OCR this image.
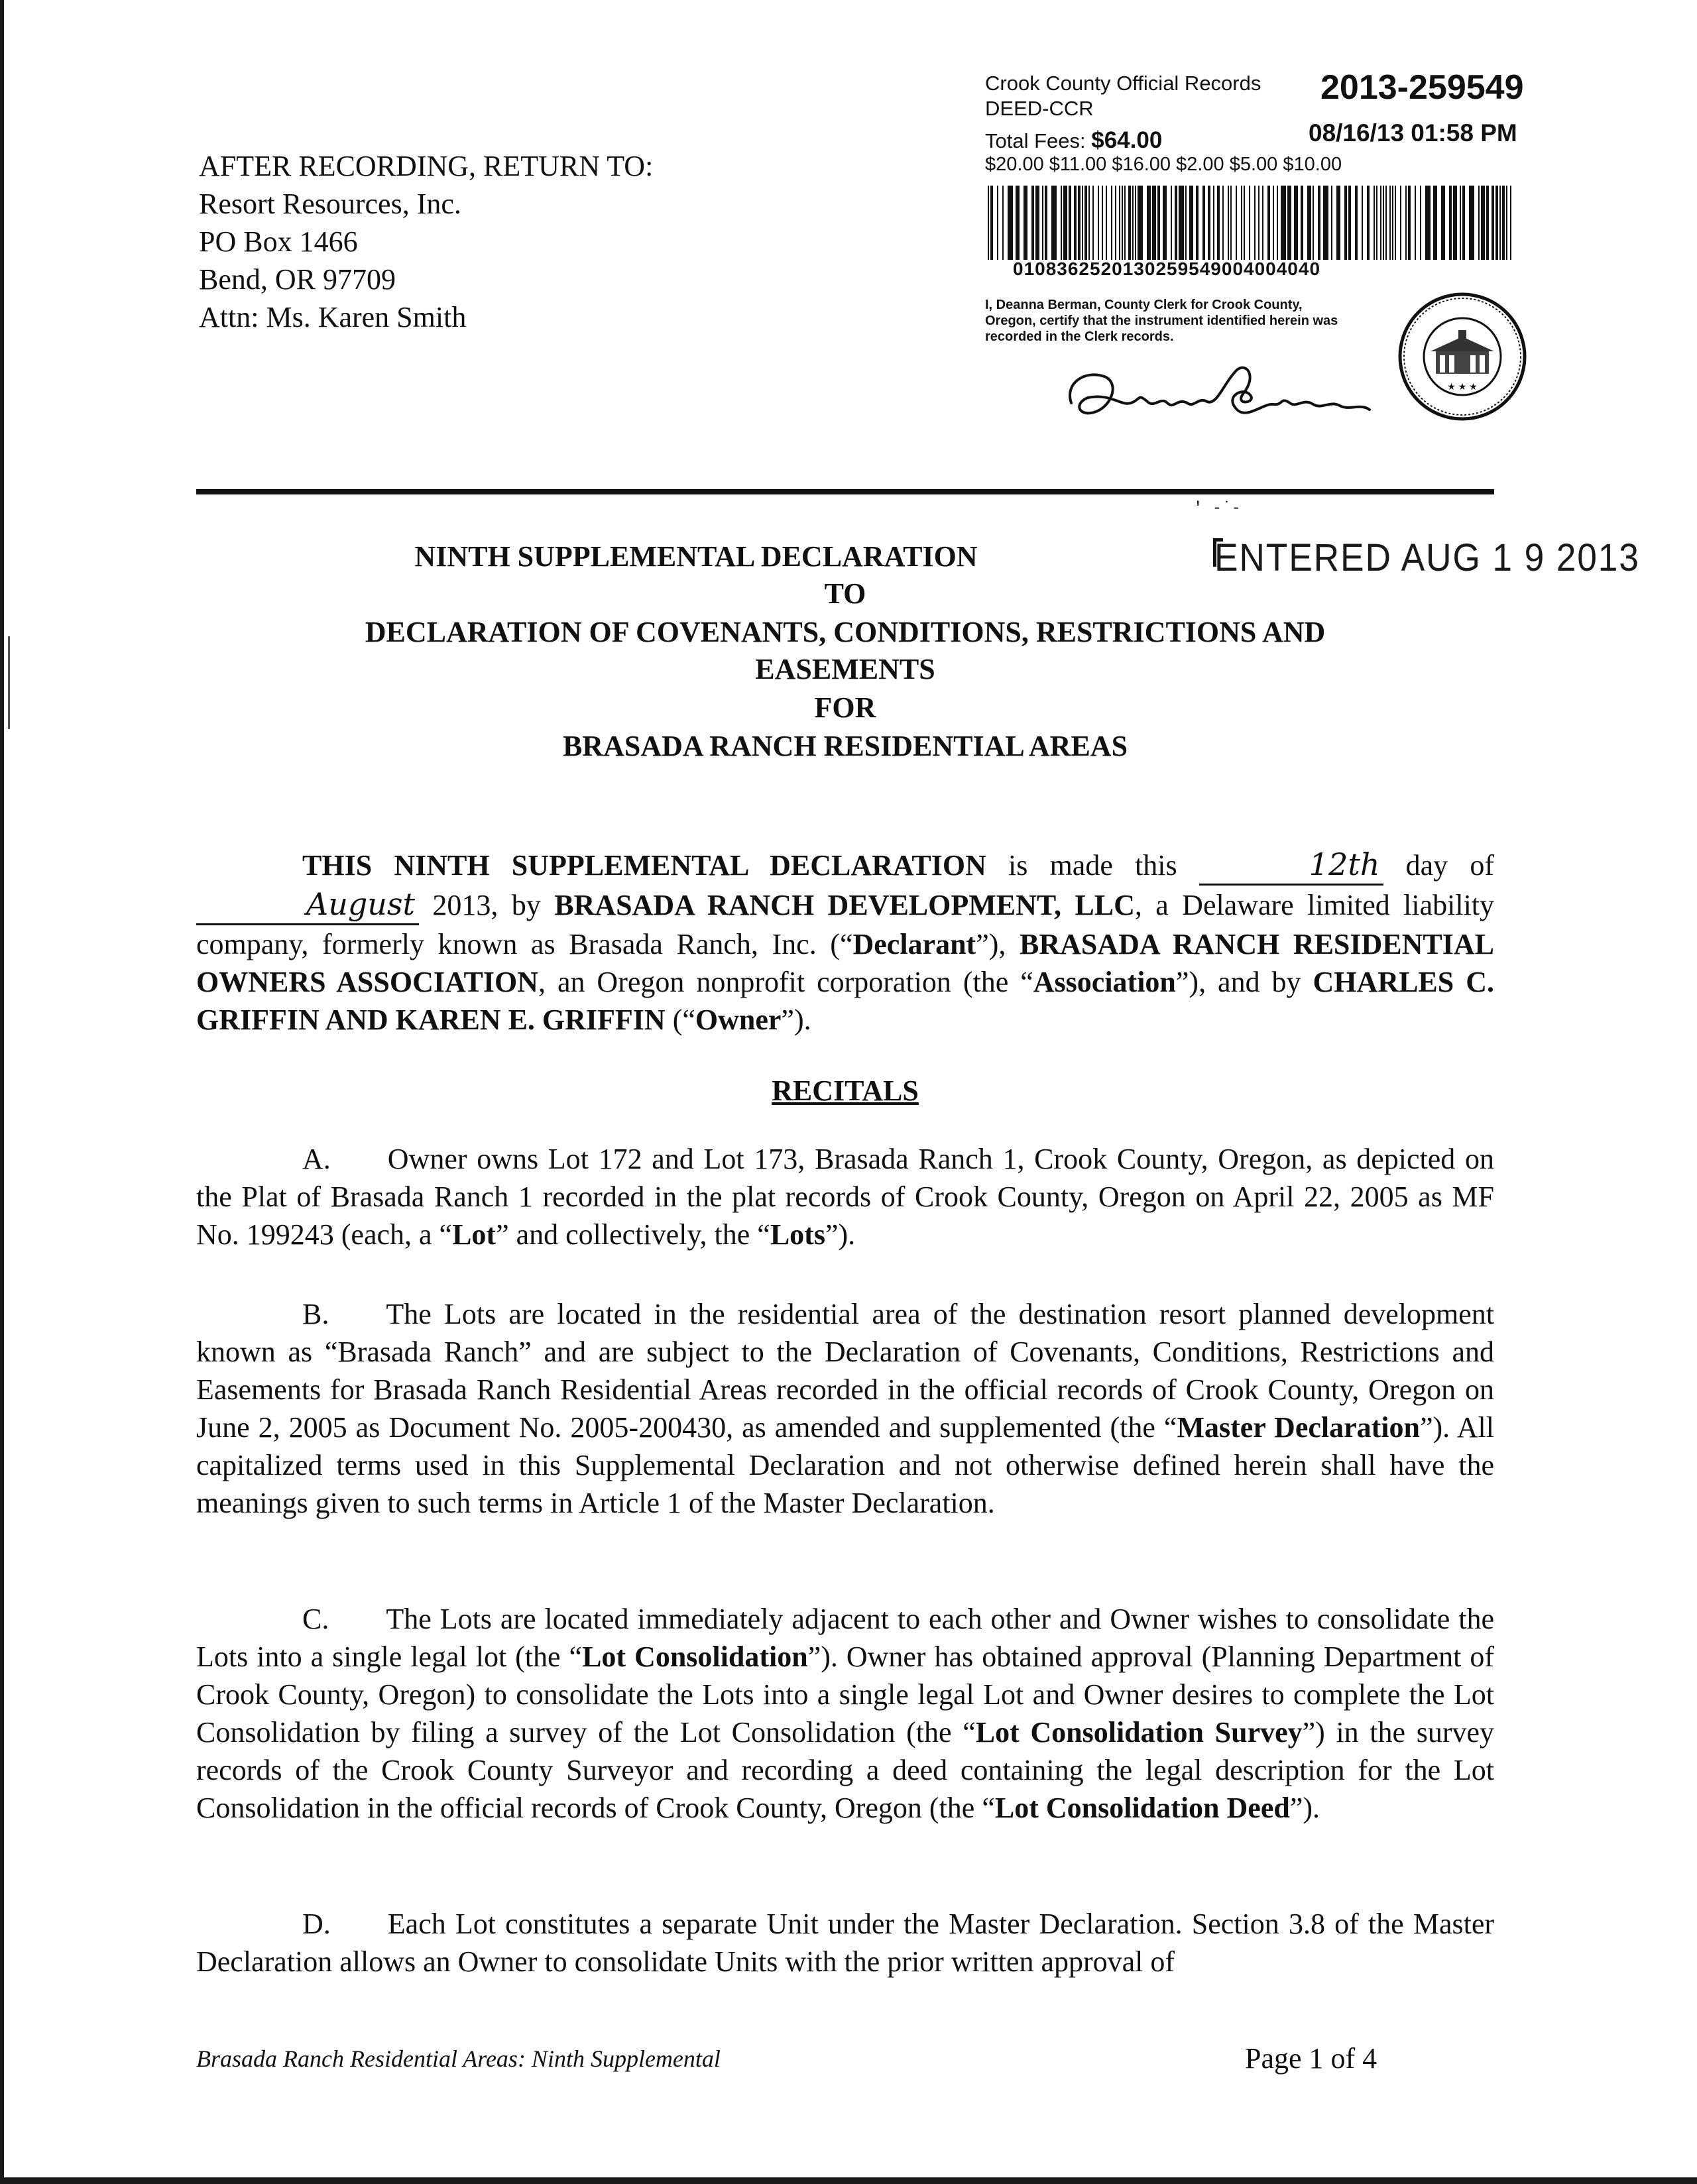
Crook County Official Records 2013-259549
DEED-CCR
Total Fees: $64.00	08/16/13 01:58 PM
$20.00 $11.00 $16.00 $2.00 $5.00 $10.00
0108362520130259549004004040
I, Deanna Berman, County Clerk for Crook County, Oregon, certify that the instrument identified herein was recorded in the Clerk records.
★ ★ ★
AFTER RECORDING, RETURN TO:
Resort Resources, Inc.
PO Box 1466
Bend, OR 97709
Attn: Ms. Karen Smith
' -˙-
ENTERED AUG 1 9 2013
NINTH SUPPLEMENTAL DECLARATION
TO
DECLARATION OF COVENANTS, CONDITIONS, RESTRICTIONS AND
EASEMENTS
FOR
BRASADA RANCH RESIDENTIAL AREAS
THIS NINTH SUPPLEMENTAL DECLARATION is made this	12th day of August 2013, by BRASADA RANCH DEVELOPMENT, LLC, a Delaware limited liability company, formerly known as Brasada Ranch, Inc. (“Declarant”), BRASADA RANCH RESIDENTIAL OWNERS ASSOCIATION, an Oregon nonprofit corporation (the “Association”), and by CHARLES C. GRIFFIN AND KAREN E. GRIFFIN (“Owner”).
RECITALS
A. Owner owns Lot 172 and Lot 173, Brasada Ranch 1, Crook County, Oregon, as depicted on the Plat of Brasada Ranch 1 recorded in the plat records of Crook County, Oregon on April 22, 2005 as MF No. 199243 (each, a “Lot” and collectively, the “Lots”).
B. The Lots are located in the residential area of the destination resort planned development known as “Brasada Ranch” and are subject to the Declaration of Covenants, Conditions, Restrictions and Easements for Brasada Ranch Residential Areas recorded in the official records of Crook County, Oregon on June 2, 2005 as Document No. 2005-200430, as amended and supplemented (the “Master Declaration”). All capitalized terms used in this Supplemental Declaration and not otherwise defined herein shall have the meanings given to such terms in Article 1 of the Master Declaration.
C. The Lots are located immediately adjacent to each other and Owner wishes to consolidate the Lots into a single legal lot (the “Lot Consolidation”). Owner has obtained approval (Planning Department of Crook County, Oregon) to consolidate the Lots into a single legal Lot and Owner desires to complete the Lot Consolidation by filing a survey of the Lot Consolidation (the “Lot Consolidation Survey”) in the survey records of the Crook County Surveyor and recording a deed containing the legal description for the Lot Consolidation in the official records of Crook County, Oregon (the “Lot Consolidation Deed”).
D. Each Lot constitutes a separate Unit under the Master Declaration. Section 3.8 of the Master Declaration allows an Owner to consolidate Units with the prior written approval of
Brasada Ranch Residential Areas: Ninth Supplemental	Page 1 of 4
